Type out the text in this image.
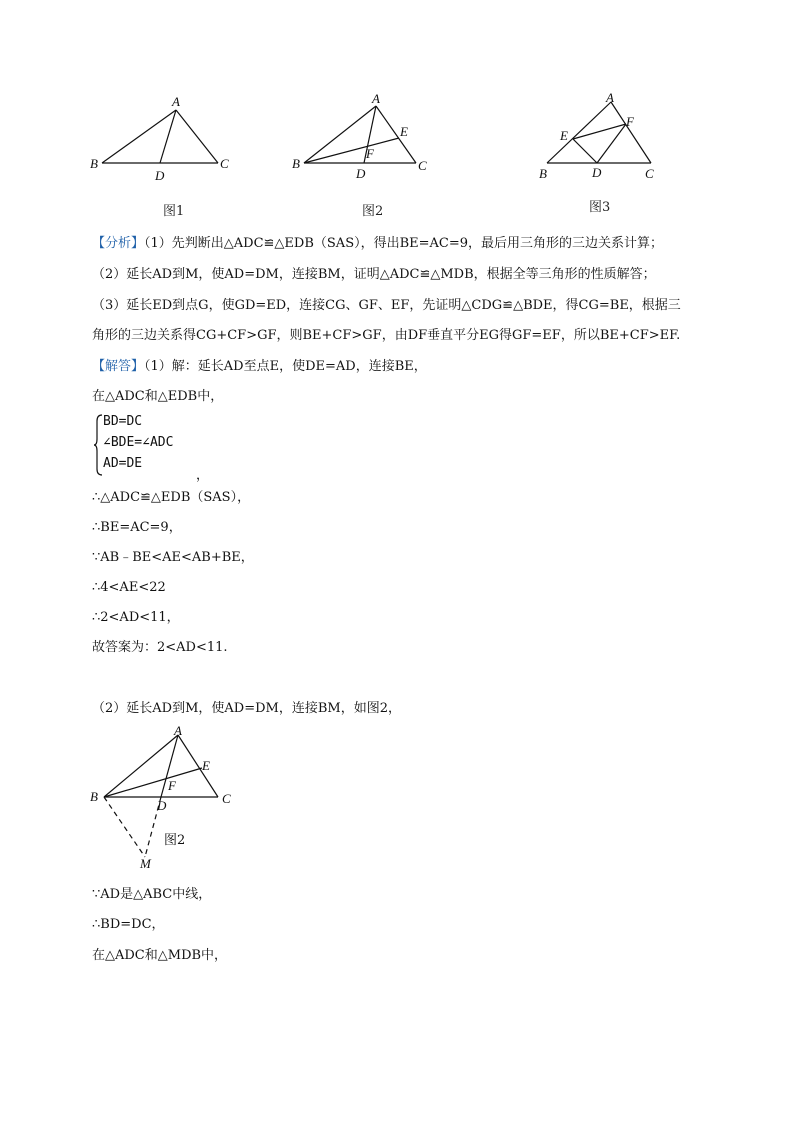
A
B	C
D
图1
A
B	C
D
E
F
图2
A
B	C
D
E
F
图3
【分析】（1）先判断出△ADC≌△EDB（SAS），得出BE=AC=9，最后用三角形的三边关系计算；
（2）延长AD到M，使AD=DM，连接BM，证明△ADC≌△MDB，根据全等三角形的性质解答；
（3）延长ED到点G，使GD=ED，连接CG、GF、EF，先证明△CDG≌△BDE，得CG=BE，根据三
角形的三边关系得CG+CF>GF，则BE+CF>GF，由DF垂直平分EG得GF=EF，所以BE+CF>EF.
【解答】（1）解：延长AD至点E，使DE=AD，连接BE，
在△ADC和△EDB中，
BD=DC
∠BDE=∠ADC
AD=DE
，
∴△ADC≌△EDB（SAS），
∴BE=AC=9，
∵AB﹣BE<AE<AB+BE，
∴4<AE<22
∴2<AD<11，
故答案为：2<AD<11.
（2）延长AD到M，使AD=DM，连接BM，如图2，
A
B	C
D
E
F
M
图2
∵AD是△ABC中线，
∴BD=DC，
在△ADC和△MDB中，
